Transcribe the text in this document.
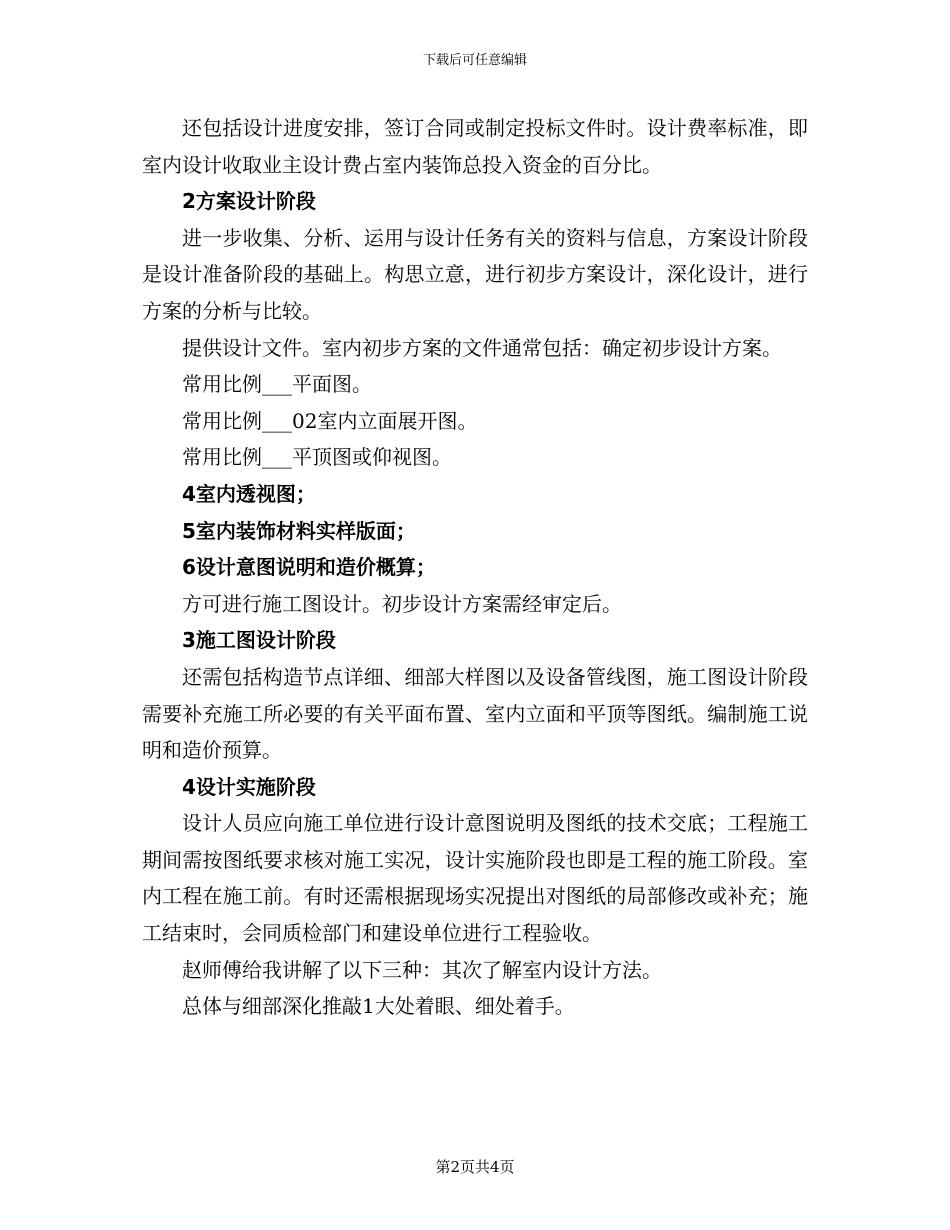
下载后可任意编辑

还包括设计进度安排，签订合同或制定投标文件时。设计费率标准，即室内设计收取业主设计费占室内装饰总投入资金的百分比。

2方案设计阶段

进一步收集、分析、运用与设计任务有关的资料与信息，方案设计阶段是设计准备阶段的基础上。构思立意，进行初步方案设计，深化设计，进行方案的分析与比较。

提供设计文件。室内初步方案的文件通常包括：确定初步设计方案。

常用比例___平面图。

常用比例___02室内立面展开图。

常用比例___平顶图或仰视图。

4室内透视图；

5室内装饰材料实样版面；

6设计意图说明和造价概算；

方可进行施工图设计。初步设计方案需经审定后。

3施工图设计阶段

还需包括构造节点详细、细部大样图以及设备管线图，施工图设计阶段需要补充施工所必要的有关平面布置、室内立面和平顶等图纸。编制施工说明和造价预算。

4设计实施阶段

设计人员应向施工单位进行设计意图说明及图纸的技术交底；工程施工期间需按图纸要求核对施工实况，设计实施阶段也即是工程的施工阶段。室内工程在施工前。有时还需根据现场实况提出对图纸的局部修改或补充；施工结束时，会同质检部门和建设单位进行工程验收。

赵师傅给我讲解了以下三种：其次了解室内设计方法。

总体与细部深化推敲1大处着眼、细处着手。

第2页共4页
